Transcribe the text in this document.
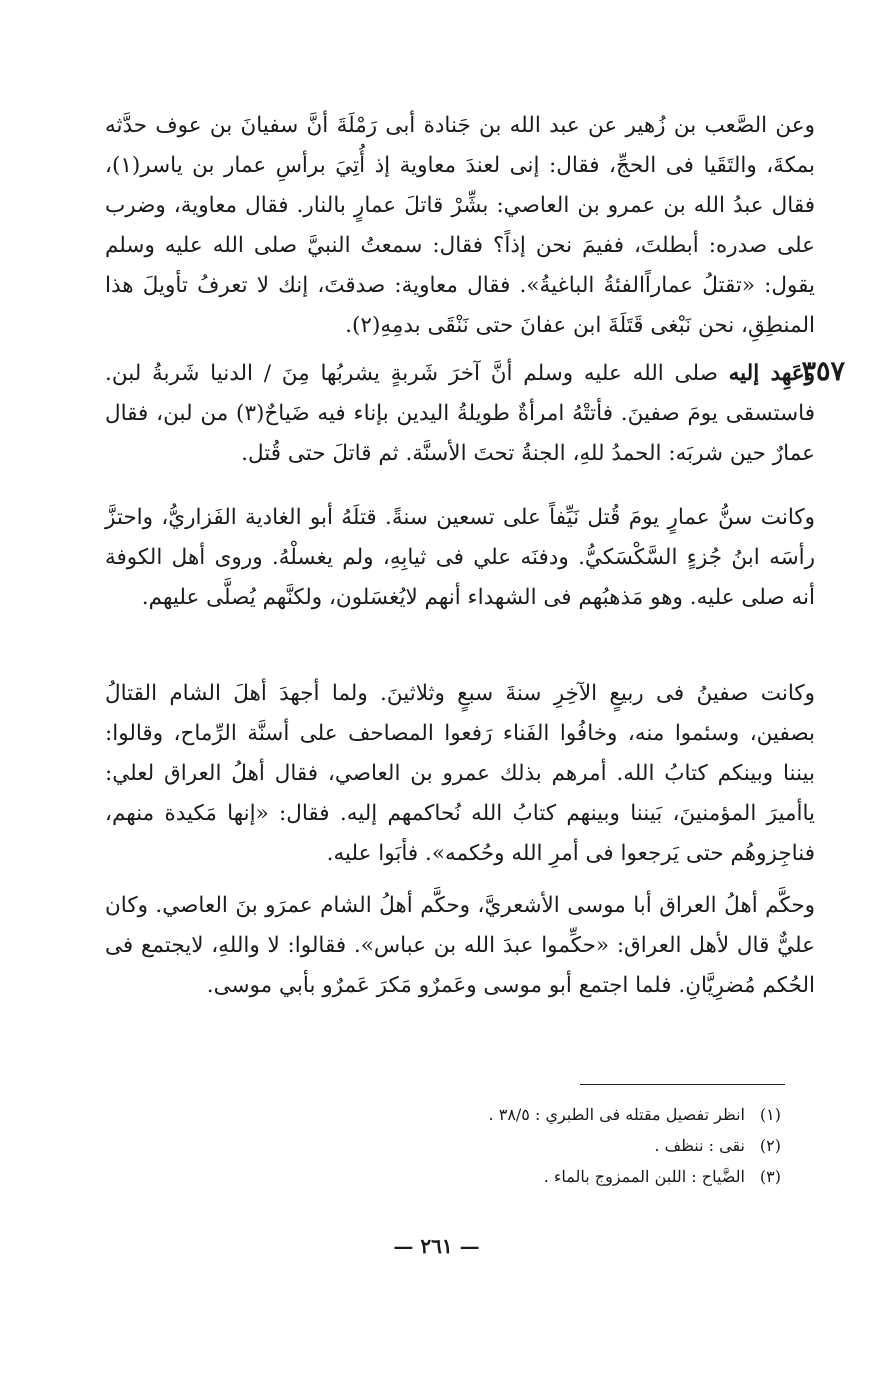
وعن الصَّعب بن زُهير عن عبد الله بن جَنادة أبى رَمْلَةَ أنَّ سفيانَ بن عوف حدَّثه بمكةَ، والتَقَيا فى الحجِّ، فقال: إنى لعندَ معاوية إذ أُتِيَ برأسِ عمار بن ياسر(١)، فقال عبدُ الله بن عمرو بن العاصي: بشِّرْ قاتلَ عمارٍ بالنار. فقال معاوية، وضرب على صدره: أبطلتَ، ففيمَ نحن إذاً؟ فقال: سمعتُ النبيَّ صلى الله عليه وسلم يقول: «تقتلُ عماراًالفئةُ الباغيةُ». فقال معاوية: صدقتَ، إنك لا تعرفُ تأويلَ هذا المنطِقِ، نحن نَبْغى قَتَلَةَ ابن عفانَ حتى نَنْقَى بدمِهِ(٢).

٣٥٧

وعَهِد إليه صلى الله عليه وسلم أنَّ آخرَ شَربةٍ يشربُها مِنَ / الدنيا شَربةُ لبن. فاستسقى يومَ صفينَ. فأتتْهُ امرأةٌ طويلةُ اليدين بإناء فيه ضَياحٌ(٣) من لبن، فقال عمارٌ حين شربَه: الحمدُ للهِ، الجنةُ تحتَ الأسنَّة. ثم قاتلَ حتى قُتل.

وكانت سنُّ عمارٍ يومَ قُتل نَيِّفاً على تسعين سنةً. قتلَهُ أبو الغادية الفَزاريُّ، واحتزَّ رأسَه ابنُ جُزءٍ السَّكْسَكيُّ. ودفنَه علي فى ثيابِهِ، ولم يغسلْهُ. وروى أهل الكوفة أنه صلى عليه. وهو مَذهبُهم فى الشهداء أنهم لايُغسَلون، ولكنَّهم يُصلَّى عليهم.

وكانت صفينُ فى ربيعٍ الآخِرِ سنةَ سبعٍ وثلاثينَ. ولما أجهدَ أهلَ الشام القتالُ بصفين، وسئموا منه، وخافُوا الفَناء رَفعوا المصاحف على أسنَّة الرِّماح، وقالوا: بيننا وبينكم كتابُ الله. أمرهم بذلك عمرو بن العاصي، فقال أهلُ العراق لعلي: ياأميرَ المؤمنينَ، بَيننا وبينهم كتابُ الله نُحاكمهم إليه. فقال: «إنها مَكيدة منهم، فناجِزوهُم حتى يَرجعوا فى أمرِ الله وحُكمه». فأبَوا عليه.

وحكَّم أهلُ العراق أبا موسى الأشعريَّ، وحكَّم أهلُ الشام عمرَو بنَ العاصي. وكان عليٌّ قال لأهل العراق: «حكِّموا عبدَ الله بن عباس». فقالوا: لا واللهِ، لايجتمع فى الحُكم مُضرِيَّانِ. فلما اجتمع أبو موسى وعَمرٌو مَكرَ عَمرٌو بأبي موسى.

(١)
انظر تفصيل مقتله فى الطبري : ٣٨/٥ .
(٢)
نقى : ننظف .
(٣)
الضَّياح : اللبن الممزوج بالماء .
— ٢٦١ —
